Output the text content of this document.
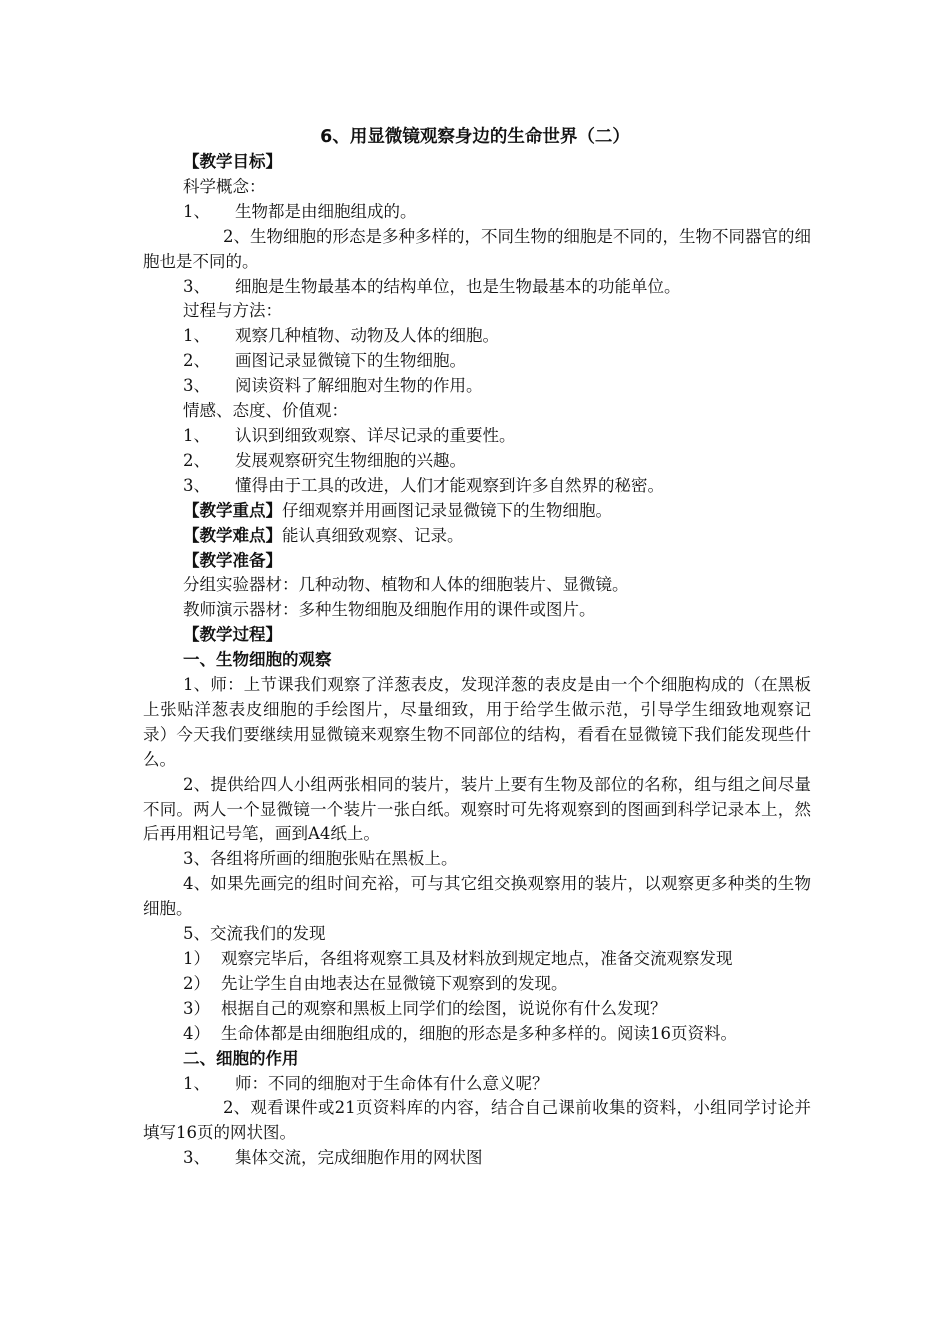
6、用显微镜观察身边的生命世界（二）

【教学目标】

科学概念：

1、 生物都是由细胞组成的。

2、生物细胞的形态是多种多样的，不同生物的细胞是不同的，生物不同器官的细胞也是不同的。

3、 细胞是生物最基本的结构单位，也是生物最基本的功能单位。

过程与方法：

1、 观察几种植物、动物及人体的细胞。

2、 画图记录显微镜下的生物细胞。

3、 阅读资料了解细胞对生物的作用。

情感、态度、价值观：

1、 认识到细致观察、详尽记录的重要性。

2、 发展观察研究生物细胞的兴趣。

3、 懂得由于工具的改进，人们才能观察到许多自然界的秘密。

【教学重点】仔细观察并用画图记录显微镜下的生物细胞。

【教学难点】能认真细致观察、记录。

【教学准备】

分组实验器材：几种动物、植物和人体的细胞装片、显微镜。

教师演示器材：多种生物细胞及细胞作用的课件或图片。

【教学过程】

一、生物细胞的观察

1、师：上节课我们观察了洋葱表皮，发现洋葱的表皮是由一个个细胞构成的（在黑板上张贴洋葱表皮细胞的手绘图片，尽量细致，用于给学生做示范，引导学生细致地观察记录）今天我们要继续用显微镜来观察生物不同部位的结构，看看在显微镜下我们能发现些什么。

2、提供给四人小组两张相同的装片，装片上要有生物及部位的名称，组与组之间尽量不同。两人一个显微镜一个装片一张白纸。观察时可先将观察到的图画到科学记录本上，然后再用粗记号笔，画到A4纸上。

3、各组将所画的细胞张贴在黑板上。

4、如果先画完的组时间充裕，可与其它组交换观察用的装片，以观察更多种类的生物细胞。

5、交流我们的发现

1） 观察完毕后，各组将观察工具及材料放到规定地点，准备交流观察发现

2） 先让学生自由地表达在显微镜下观察到的发现。

3） 根据自己的观察和黑板上同学们的绘图，说说你有什么发现？

4） 生命体都是由细胞组成的，细胞的形态是多种多样的。阅读16页资料。

二、细胞的作用

1、 师：不同的细胞对于生命体有什么意义呢？

2、观看课件或21页资料库的内容，结合自己课前收集的资料，小组同学讨论并填写16页的网状图。

3、 集体交流，完成细胞作用的网状图
